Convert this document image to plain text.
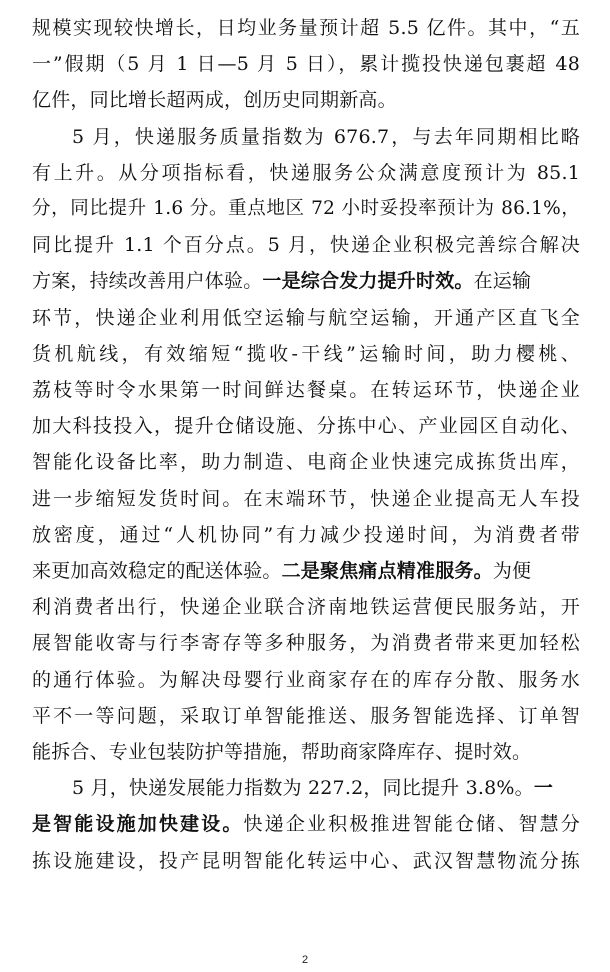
规模实现较快增长，日均业务量预计超 5.5 亿件。其中，“五
一”假期（5 月 1 日—5 月 5 日），累计揽投快递包裹超 48
亿件，同比增长超两成，创历史同期新高。
5 月，快递服务质量指数为 676.7，与去年同期相比略
有上升。从分项指标看，快递服务公众满意度预计为 85.1
分，同比提升 1.6 分。重点地区 72 小时妥投率预计为 86.1%，
同比提升 1.1 个百分点。5 月，快递企业积极完善综合解决
方案，持续改善用户体验。一是综合发力提升时效。在运输
环节，快递企业利用低空运输与航空运输，开通产区直飞全
货机航线，有效缩短“揽收-干线”运输时间，助力樱桃、
荔枝等时令水果第一时间鲜达餐桌。在转运环节，快递企业
加大科技投入，提升仓储设施、分拣中心、产业园区自动化、
智能化设备比率，助力制造、电商企业快速完成拣货出库，
进一步缩短发货时间。在末端环节，快递企业提高无人车投
放密度，通过“人机协同”有力减少投递时间，为消费者带
来更加高效稳定的配送体验。二是聚焦痛点精准服务。为便
利消费者出行，快递企业联合济南地铁运营便民服务站，开
展智能收寄与行李寄存等多种服务，为消费者带来更加轻松
的通行体验。为解决母婴行业商家存在的库存分散、服务水
平不一等问题，采取订单智能推送、服务智能选择、订单智
能拆合、专业包装防护等措施，帮助商家降库存、提时效。
5 月，快递发展能力指数为 227.2，同比提升 3.8%。一
是智能设施加快建设。快递企业积极推进智能仓储、智慧分
拣设施建设，投产昆明智能化转运中心、武汉智慧物流分拣
2
